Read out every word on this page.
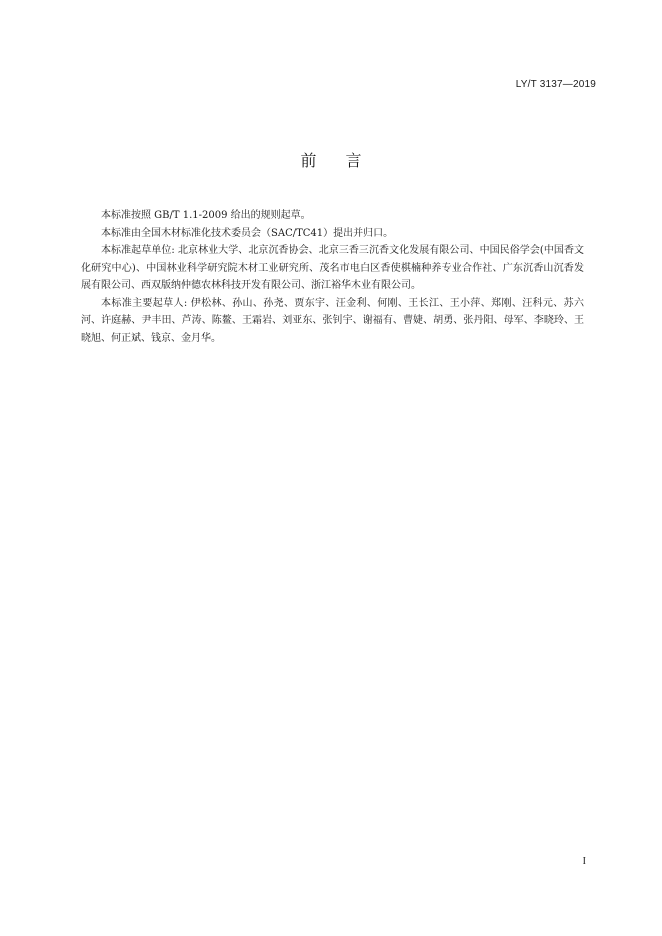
LY/T 3137—2019
前 言

本标准按照 GB/T 1.1-2009 给出的规则起草。

本标准由全国木材标准化技术委员会（SAC/TC41）提出并归口。

本标准起草单位: 北京林业大学、北京沉香协会、北京三香三沉香文化发展有限公司、中国民俗学会(中国香文化研究中心)、中国林业科学研究院木材工业研究所、茂名市电白区香使棋楠种养专业合作社、广东沉香山沉香发展有限公司、西双版纳仲德农林科技开发有限公司、浙江裕华木业有限公司。

本标准主要起草人: 伊松林、孙山、孙尧、贾东宇、汪金利、何刚、王长江、王小萍、郑刚、汪科元、苏六河、许庭赫、尹丰田、芦涛、陈鳌、王霜岩、刘亚东、张钊宇、谢福有、曹婕、胡勇、张丹阳、母军、李晓玲、王晓旭、何正斌、钱京、金月华。

I
